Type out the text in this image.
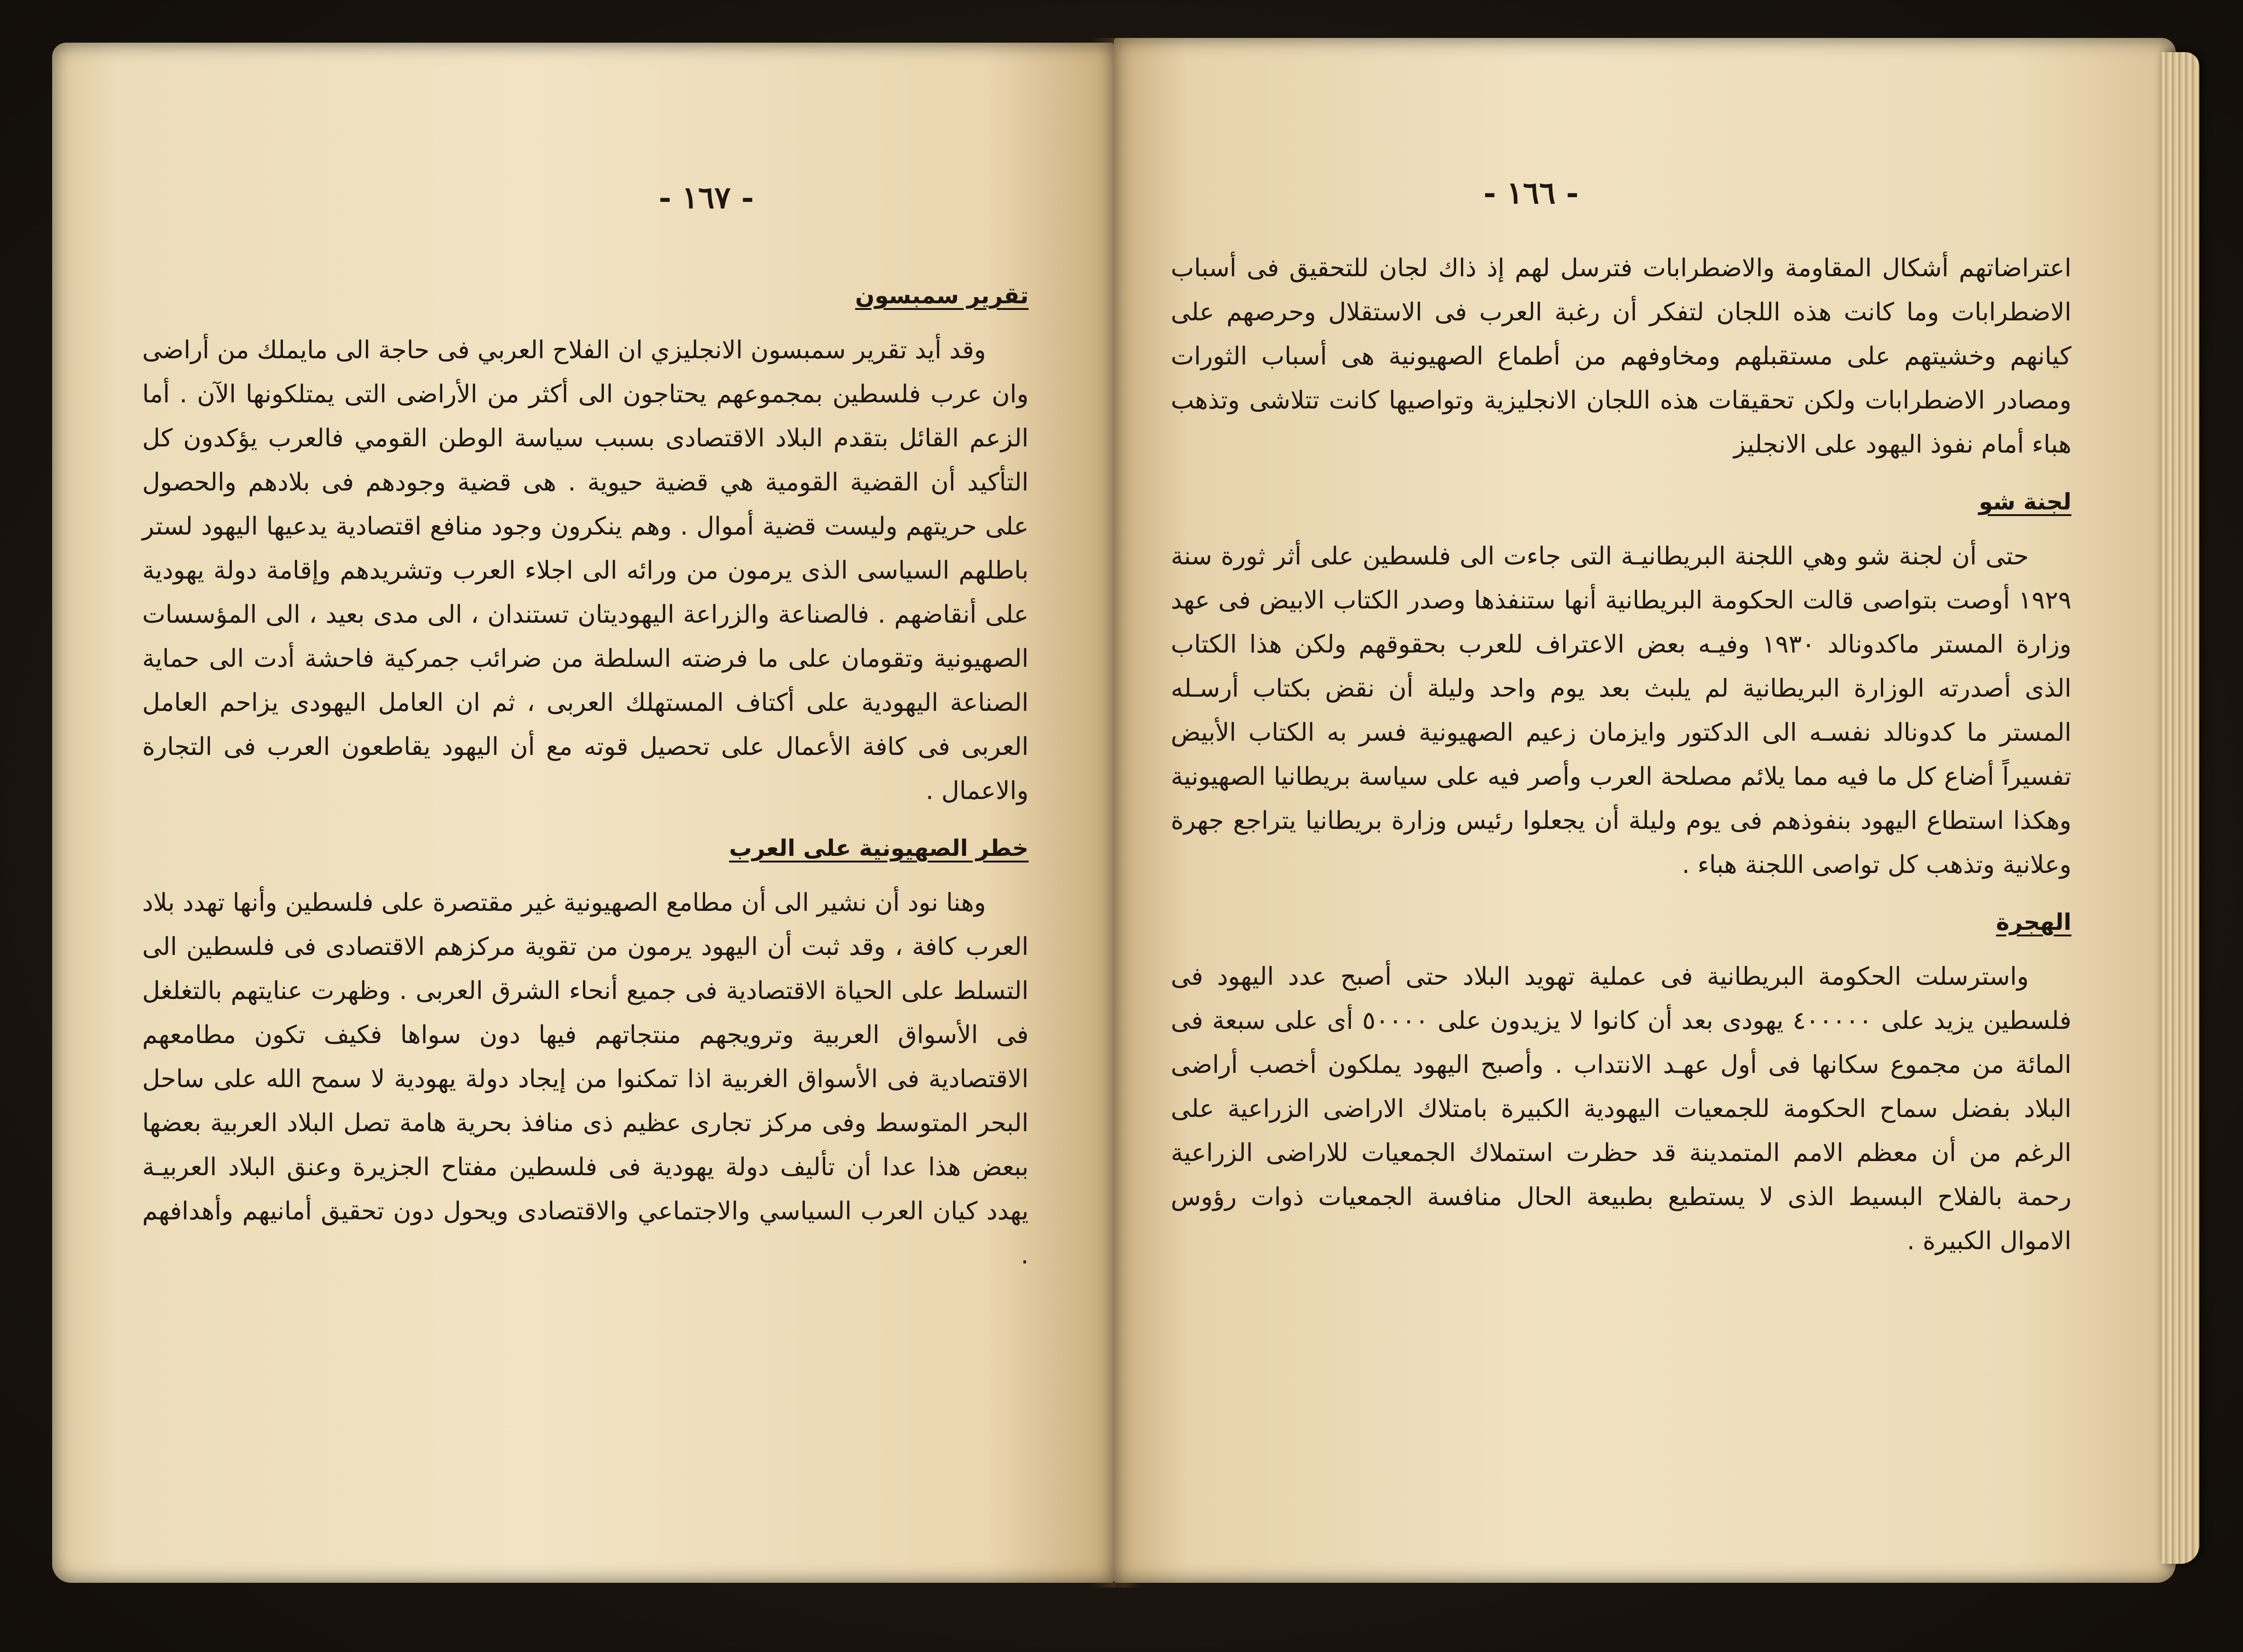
- ١٦٧ -
تقرير سمبسون

وقد أيد تقرير سمبسون الانجليزي ان الفلاح العربي فى حاجة الى مايملك من أراضى وان عرب فلسطين بمجموعهم يحتاجون الى أكثر من الأراضى التى يمتلكونها الآن . أما الزعم القائل بتقدم البلاد الاقتصادى بسبب سياسة الوطن القومي فالعرب يؤكدون كل التأكيد أن القضية القومية هي قضية حيوية . هى قضية وجودهم فى بلادهم والحصول على حريتهم وليست قضية أموال . وهم ينكرون وجود منافع اقتصادية يدعيها اليهود لستر باطلهم السياسى الذى يرمون من ورائه الى اجلاء العرب وتشريدهم وإقامة دولة يهودية على أنقاضهم . فالصناعة والزراعة اليهوديتان تستندان ، الى مدى بعيد ، الى المؤسسات الصهيونية وتقومان على ما فرضته السلطة من ضرائب جمركية فاحشة أدت الى حماية الصناعة اليهودية على أكتاف المستهلك العربى ، ثم ان العامل اليهودى يزاحم العامل العربى فى كافة الأعمال على تحصيل قوته مع أن اليهود يقاطعون العرب فى التجارة والاعمال .

خطر الصهيونية على العرب

وهنا نود أن نشير الى أن مطامع الصهيونية غير مقتصرة على فلسطين وأنها تهدد بلاد العرب كافة ، وقد ثبت أن اليهود يرمون من تقوية مركزهم الاقتصادى فى فلسطين الى التسلط على الحياة الاقتصادية فى جميع أنحاء الشرق العربى . وظهرت عنايتهم بالتغلغل فى الأسواق العربية وترويجهم منتجاتهم فيها دون سواها فكيف تكون مطامعهم الاقتصادية فى الأسواق الغربية اذا تمكنوا من إيجاد دولة يهودية لا سمح الله على ساحل البحر المتوسط وفى مركز تجارى عظيم ذى منافذ بحرية هامة تصل البلاد العربية بعضها ببعض هذا عدا أن تأليف دولة يهودية فى فلسطين مفتاح الجزيرة وعنق البلاد العربيـة يهدد كيان العرب السياسي والاجتماعي والاقتصادى ويحول دون تحقيق أمانيهم وأهدافهم .

- ١٦٦ -

اعتراضاتهم أشكال المقاومة والاضطرابات فترسل لهم إذ ذاك لجان للتحقيق فى أسباب الاضطرابات وما كانت هذه اللجان لتفكر أن رغبة العرب فى الاستقلال وحرصهم على كيانهم وخشيتهم على مستقبلهم ومخاوفهم من أطماع الصهيونية هى أسباب الثورات ومصادر الاضطرابات ولكن تحقيقات هذه اللجان الانجليزية وتواصيها كانت تتلاشى وتذهب هباء أمام نفوذ اليهود على الانجليز

لجنة شو

حتى أن لجنة شو وهي اللجنة البريطانيـة التى جاءت الى فلسطين على أثر ثورة سنة ١٩٢٩ أوصت بتواصى قالت الحكومة البريطانية أنها ستنفذها وصدر الكتاب الابيض فى عهد وزارة المستر ماكدونالد ١٩٣٠ وفيـه بعض الاعتراف للعرب بحقوقهم ولكن هذا الكتاب الذى أصدرته الوزارة البريطانية لم يلبث بعد يوم واحد وليلة أن نقض بكتاب أرسـله المستر ما كدونالد نفسـه الى الدكتور وايزمان زعيم الصهيونية فسر به الكتاب الأبيض تفسيراً أضاع كل ما فيه مما يلائم مصلحة العرب وأصر فيه على سياسة بريطانيا الصهيونية وهكذا استطاع اليهود بنفوذهم فى يوم وليلة أن يجعلوا رئيس وزارة بريطانيا يتراجع جهرة وعلانية وتذهب كل تواصى اللجنة هباء .

الهجرة

واسترسلت الحكومة البريطانية فى عملية تهويد البلاد حتى أصبح عدد اليهود فى فلسطين يزيد على ٤٠٠٠٠٠ يهودى بعد أن كانوا لا يزيدون على ٥٠٠٠٠ أى على سبعة فى المائة من مجموع سكانها فى أول عهـد الانتداب . وأصبح اليهود يملكون أخصب أراضى البلاد بفضل سماح الحكومة للجمعيات اليهودية الكبيرة بامتلاك الاراضى الزراعية على الرغم من أن معظم الامم المتمدينة قد حظرت استملاك الجمعيات للاراضى الزراعية رحمة بالفلاح البسيط الذى لا يستطيع بطبيعة الحال منافسة الجمعيات ذوات رؤوس الاموال الكبيرة .
